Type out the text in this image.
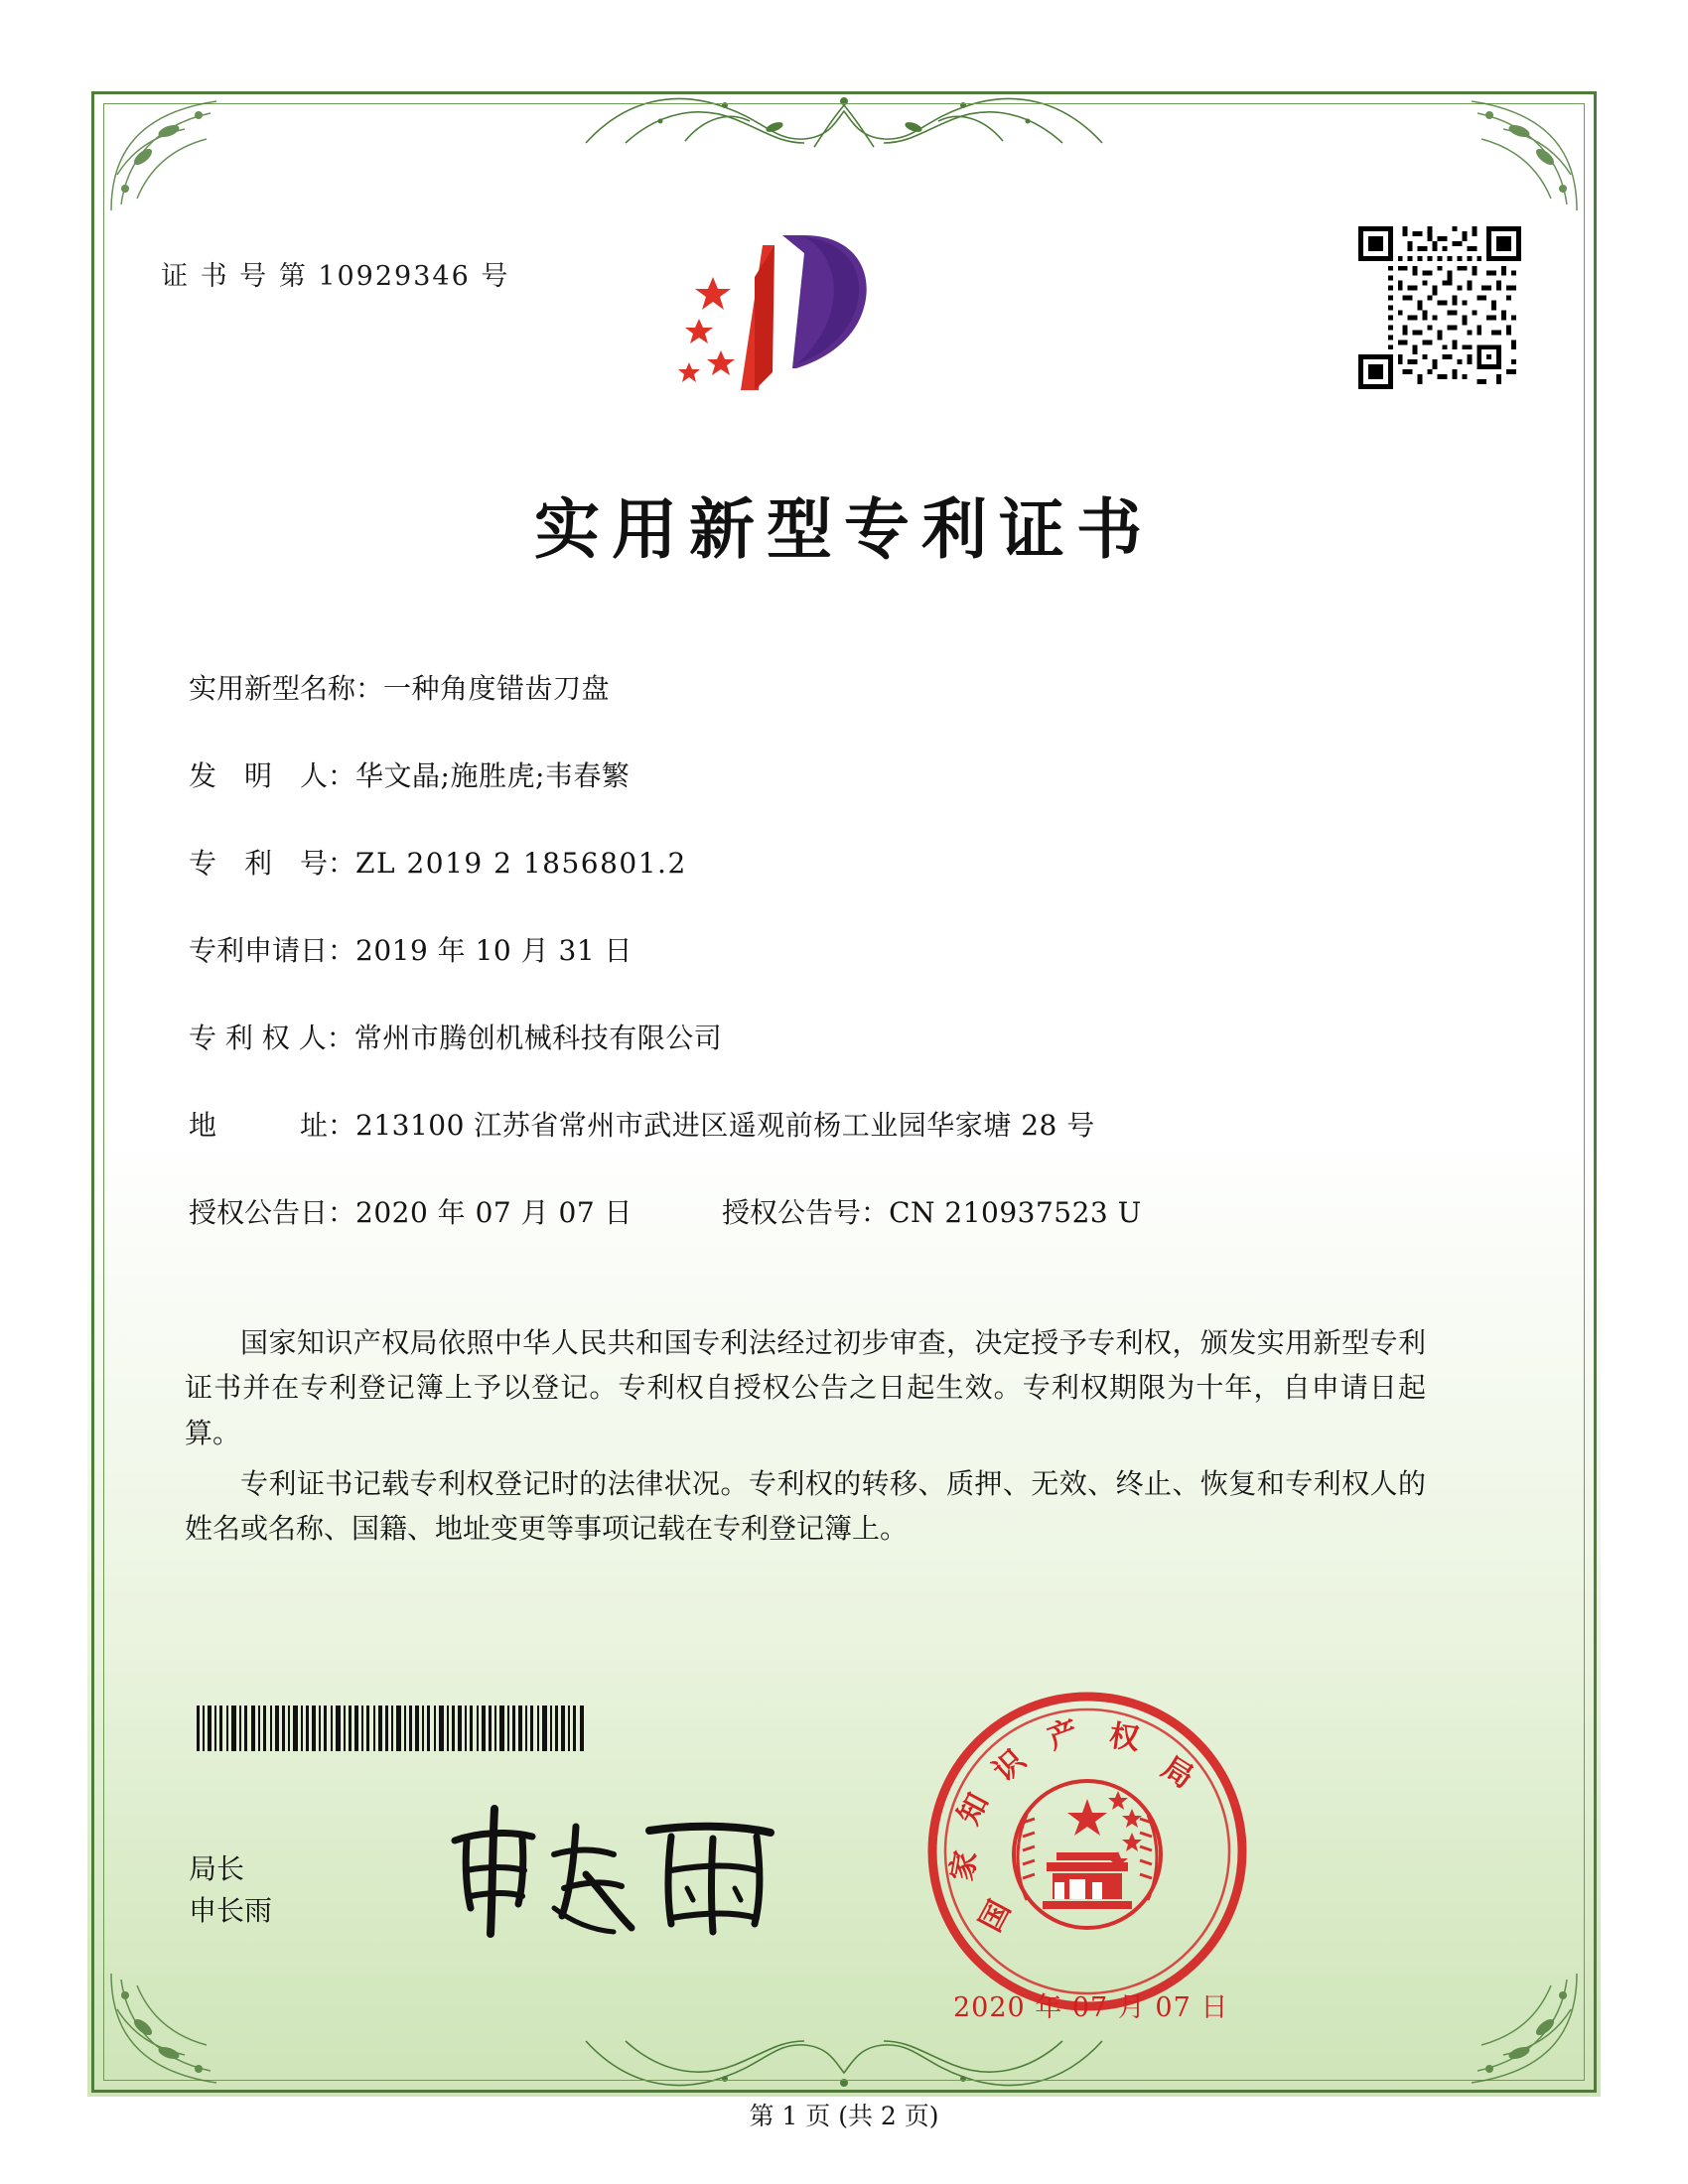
证 书 号 第 10929346 号
实用新型专利证书
实用新型名称： 一种角度错齿刀盘
发　明　人： 华文晶;施胜虎;韦春繁
专　利　号： ZL 2019 2 1856801.2
专利申请日： 2019 年 10 月 31 日
专 利 权 人： 常州市腾创机械科技有限公司
地　　　址： 213100 江苏省常州市武进区遥观前杨工业园华家塘 28 号
授权公告日： 2020 年 07 月 07 日	授权公告号： CN 210937523 U

国家知识产权局依照中华人民共和国专利法经过初步审查，决定授予专利权，颁发实用新型专利证书并在专利登记簿上予以登记。专利权自授权公告之日起生效。专利权期限为十年，自申请日起算。

专利证书记载专利权登记时的法律状况。专利权的转移、质押、无效、终止、恢复和专利权人的姓名或名称、国籍、地址变更等事项记载在专利登记簿上。

局长
申长雨	国
家
知
识
产 权
局
2020 年 07 月 07 日
第 1 页 (共 2 页)
